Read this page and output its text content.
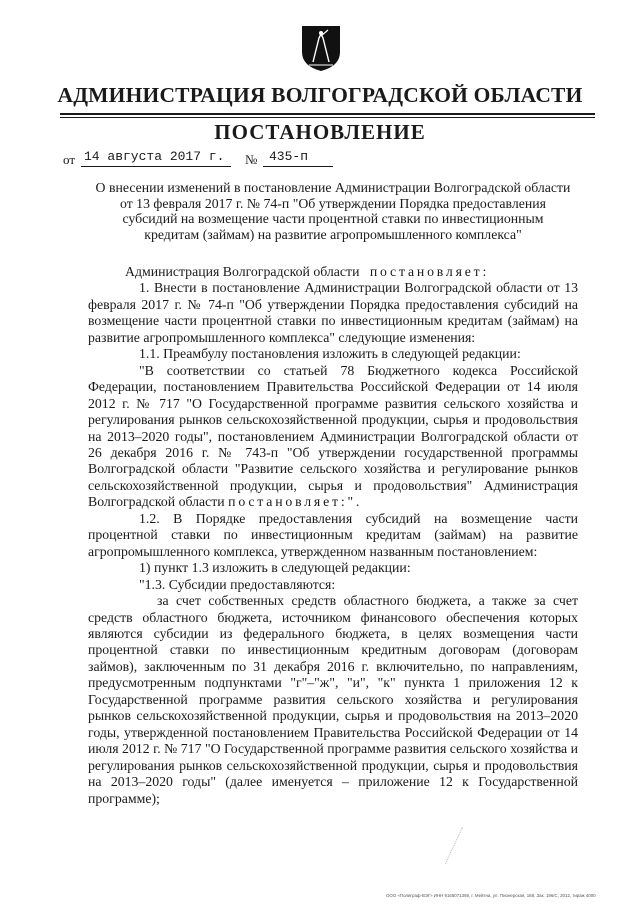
АДМИНИСТРАЦИЯ ВОЛГОГРАДСКОЙ ОБЛАСТИ
ПОСТАНОВЛЕНИЕ
от 14 августа 2017 г. № 435-п
О внесении изменений в постановление Администрации Волгоградской области
от 13 февраля 2017 г. № 74-п "Об утверждении Порядка предоставления
субсидий на возмещение части процентной ставки по инвестиционным
кредитам (займам) на развитие агропромышленного комплекса"

Администрация Волгоградской области постановляет:

1. Внести в постановление Администрации Волгоградской области от 13 февраля 2017 г. № 74-п "Об утверждении Порядка предоставления субсидий на возмещение части процентной ставки по инвестиционным кредитам (займам) на развитие агропромышленного комплекса" следующие изменения:

1.1. Преамбулу постановления изложить в следующей редакции:

"В соответствии со статьей 78 Бюджетного кодекса Российской Федерации, постановлением Правительства Российской Федерации от 14 июля 2012 г. № 717 "О Государственной программе развития сельского хозяйства и регулирования рынков сельскохозяйственной продукции, сырья и продовольствия на 2013–2020 годы", постановлением Администрации Волгоградской области от 26 декабря 2016 г. № 743-п "Об утверждении государственной программы Волгоградской области "Развитие сельского хозяйства и регулирование рынков сельскохозяйственной продукции, сырья и продовольствия" Администрация Волгоградской области постановляет:".

1.2. В Порядке предоставления субсидий на возмещение части процентной ставки по инвестиционным кредитам (займам) на развитие агропромышленного комплекса, утвержденном названным постановлением:

1) пункт 1.3 изложить в следующей редакции:

"1.3. Субсидии предоставляются:

за счет собственных средств областного бюджета, а также за счет средств областного бюджета, источником финансового обеспечения которых являются субсидии из федерального бюджета, в целях возмещения части процентной ставки по инвестиционным кредитным договорам (договорам займов), заключенным по 31 декабря 2016 г. включительно, по направлениям, предусмотренным подпунктами "г"–"ж", "и", "к" пункта 1 приложения 12 к Государственной программе развития сельского хозяйства и регулирования рынков сельскохозяйственной продукции, сырья и продовольствия на 2013–2020 годы, утвержденной постановлением Правительства Российской Федерации от 14 июля 2012 г. № 717 "О Государственной программе развития сельского хозяйства и регулирования рынков сельскохозяйственной продукции, сырья и продовольствия на 2013–2020 годы" (далее именуется – приложение 12 к Государственной программе);

ООО «Полиграф-ВЭГ» ИНН 9165071369, г. Мейтна, ул. Пионерская, 168, Зак. 196/С, 2012, тираж 4000
